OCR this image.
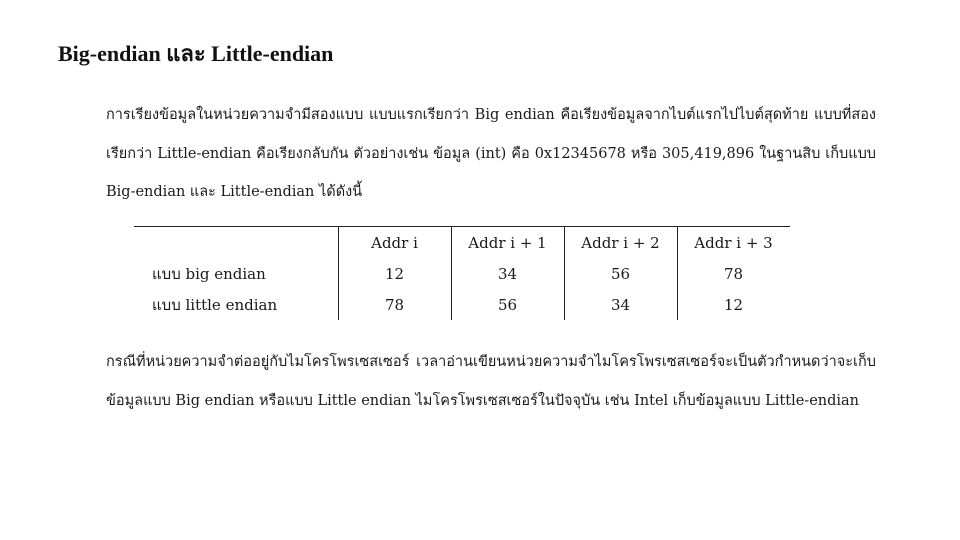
Big-endian และ Little-endian
การเรียงข้อมูลในหน่วยความจำมีสองแบบ แบบแรกเรียกว่า Big endian คือเรียงข้อมูลจากไบต์แรกไปไบต์สุดท้าย แบบที่สองเรียกว่า Little-endian คือเรียงกลับกัน ตัวอย่างเช่น ข้อมูล (int) คือ 0x12345678 หรือ 305,419,896 ในฐานสิบ เก็บแบบ Big-endian และ Little-endian ได้ดังนี้
	Addr i	Addr i + 1	Addr i + 2	Addr i + 3
แบบ big endian	12	34	56	78
แบบ little endian	78	56	34	12
กรณีที่หน่วยความจำต่ออยู่กับไมโครโพรเซสเซอร์ เวลาอ่านเขียนหน่วยความจำไมโครโพรเซสเซอร์จะเป็นตัวกำหนดว่าจะเก็บข้อมูลแบบ Big endian หรือแบบ Little endian ไมโครโพรเซสเซอร์ในปัจจุบัน เช่น Intel เก็บข้อมูลแบบ Little-endian
